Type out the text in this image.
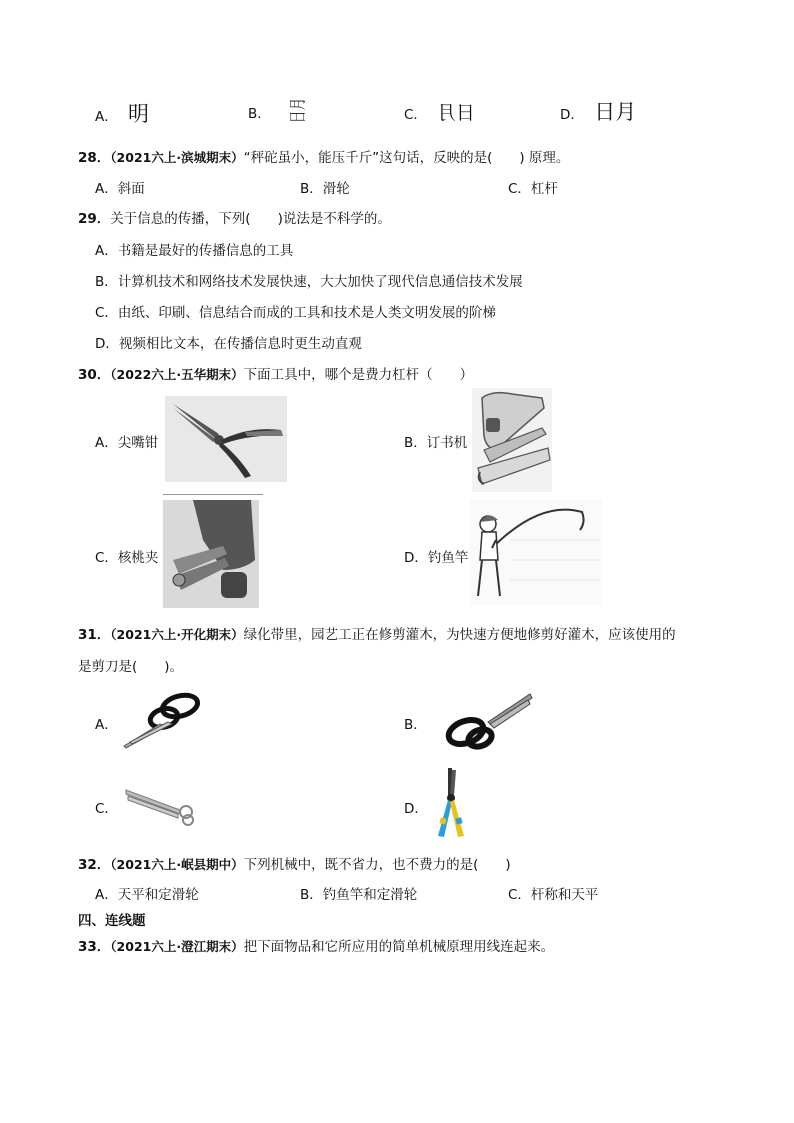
A． 明	B． 日月	C． 日月	D． 日月
28．（2021六上·滨城期末）“秤砣虽小，能压千斤”这句话，反映的是(　　) 原理。
A．斜面	B．滑轮	C．杠杆
29．关于信息的传播，下列(　　)说法是不科学的。
A．书籍是最好的传播信息的工具
B．计算机技术和网络技术发展快速，大大加快了现代信息通信技术发展
C．由纸、印刷、信息结合而成的工具和技术是人类文明发展的阶梯
D．视频相比文本，在传播信息时更生动直观
30．（2022六上·五华期末）下面工具中，哪个是费力杠杆（　　）
A．尖嘴钳	B．订书机
C．核桃夹	D．钓鱼竿
31．（2021六上·开化期末）绿化带里，园艺工正在修剪灌木，为快速方便地修剪好灌木，应该使用的
是剪刀是(　　)。
A．	B．
C．	D．
32．（2021六上·岷县期中）下列机械中，既不省力，也不费力的是(　　)
A．天平和定滑轮	B．钓鱼竿和定滑轮	C．杆称和天平
四、连线题
33．（2021六上·澄江期末）把下面物品和它所应用的简单机械原理用线连起来。
